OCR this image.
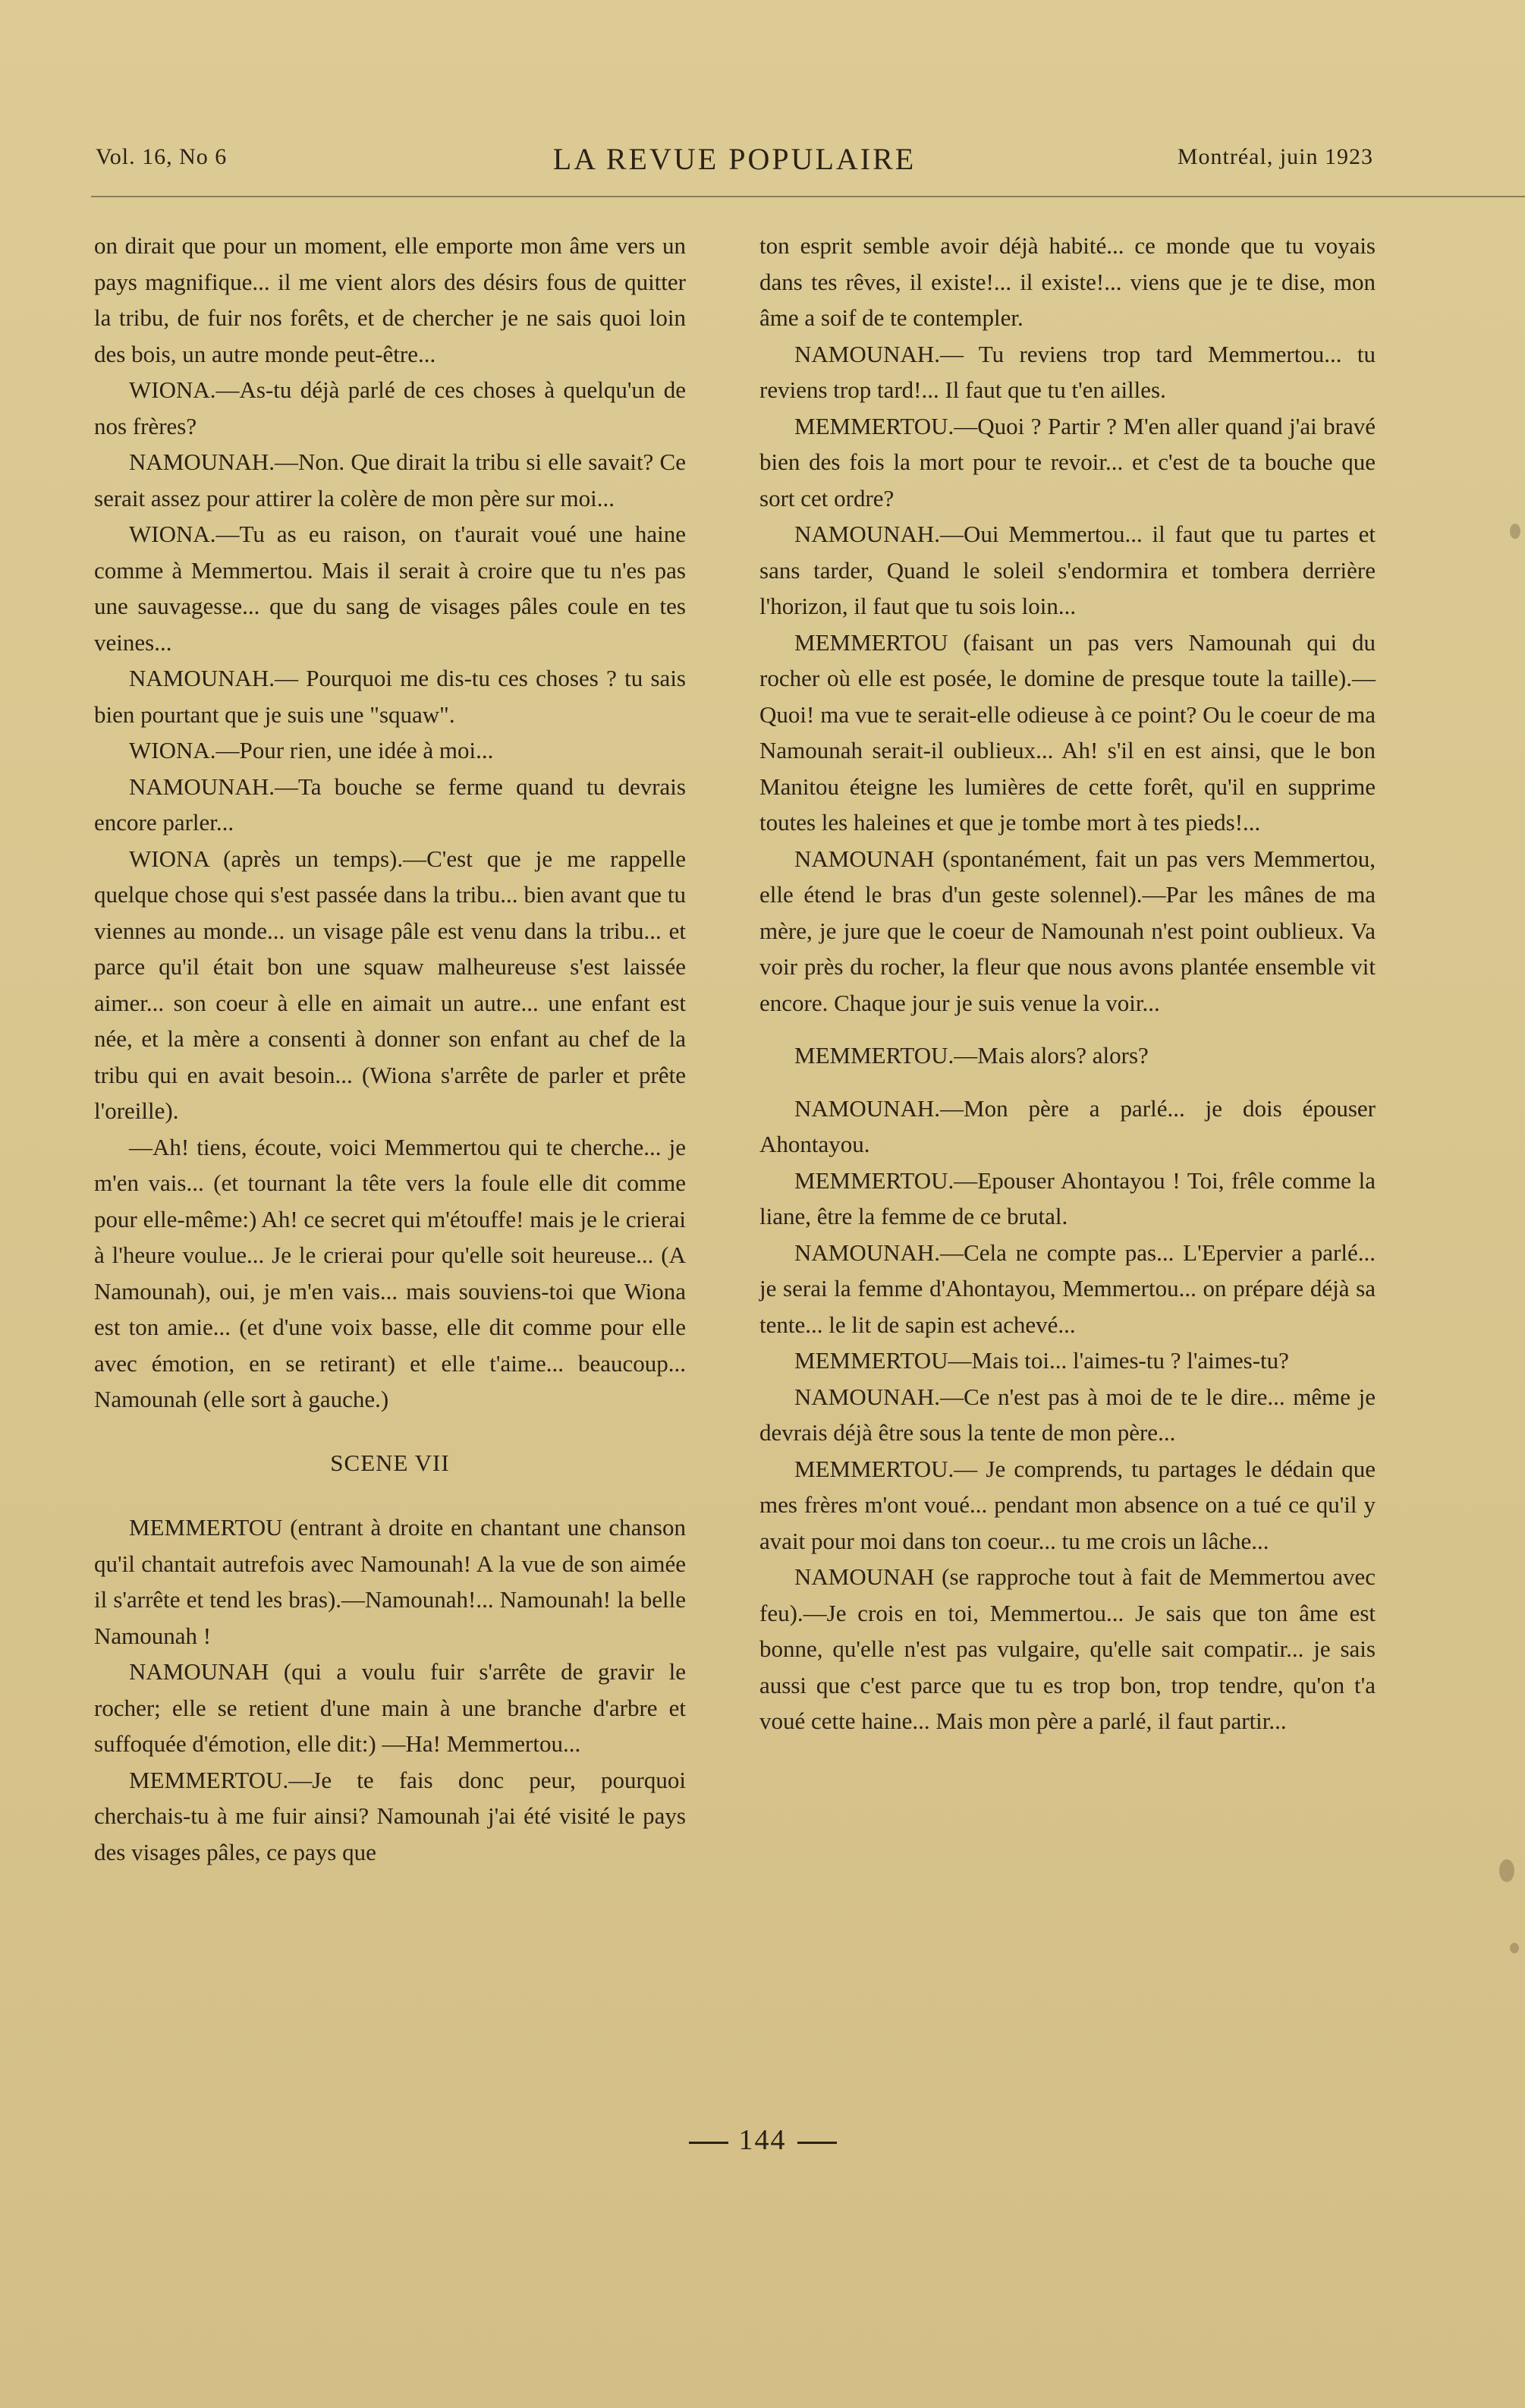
Vol. 16, No 6	LA REVUE POPULAIRE	Montréal, juin 1923

on dirait que pour un moment, elle emporte mon âme vers un pays magnifique... il me vient alors des désirs fous de quitter la tribu, de fuir nos forêts, et de chercher je ne sais quoi loin des bois, un autre monde peut-être...

WIONA.—As-tu déjà parlé de ces choses à quelqu'un de nos frères?

NAMOUNAH.—Non. Que dirait la tribu si elle savait? Ce serait assez pour attirer la colère de mon père sur moi...

WIONA.—Tu as eu raison, on t'aurait voué une haine comme à Memmertou. Mais il serait à croire que tu n'es pas une sauvagesse... que du sang de visages pâles coule en tes veines...

NAMOUNAH.— Pourquoi me dis-tu ces choses ? tu sais bien pourtant que je suis une "squaw".

WIONA.—Pour rien, une idée à moi...

NAMOUNAH.—Ta bouche se ferme quand tu devrais encore parler...

WIONA (après un temps).—C'est que je me rappelle quelque chose qui s'est passée dans la tribu... bien avant que tu viennes au monde... un visage pâle est venu dans la tribu... et parce qu'il était bon une squaw malheureuse s'est laissée aimer... son coeur à elle en aimait un autre... une enfant est née, et la mère a consenti à donner son enfant au chef de la tribu qui en avait besoin... (Wiona s'arrête de parler et prête l'oreille).

—Ah! tiens, écoute, voici Memmertou qui te cherche... je m'en vais... (et tournant la tête vers la foule elle dit comme pour elle-même:) Ah! ce secret qui m'étouffe! mais je le crierai à l'heure voulue... Je le crierai pour qu'elle soit heureuse... (A Namounah), oui, je m'en vais... mais souviens-toi que Wiona est ton amie... (et d'une voix basse, elle dit comme pour elle avec émotion, en se retirant) et elle t'aime... beaucoup... Namounah (elle sort à gauche.)

SCENE VII

MEMMERTOU (entrant à droite en chantant une chanson qu'il chantait autrefois avec Namounah! A la vue de son aimée il s'arrête et tend les bras).—Namounah!... Namounah! la belle Namounah !

NAMOUNAH (qui a voulu fuir s'arrête de gravir le rocher; elle se retient d'une main à une branche d'arbre et suffoquée d'émotion, elle dit:) —Ha! Memmertou...

MEMMERTOU.—Je te fais donc peur, pourquoi cherchais-tu à me fuir ainsi? Namounah j'ai été visité le pays des visages pâles, ce pays que

ton esprit semble avoir déjà habité... ce monde que tu voyais dans tes rêves, il existe!... il existe!... viens que je te dise, mon âme a soif de te contempler.

NAMOUNAH.— Tu reviens trop tard Memmertou... tu reviens trop tard!... Il faut que tu t'en ailles.

MEMMERTOU.—Quoi ? Partir ? M'en aller quand j'ai bravé bien des fois la mort pour te revoir... et c'est de ta bouche que sort cet ordre?

NAMOUNAH.—Oui Memmertou... il faut que tu partes et sans tarder, Quand le soleil s'endormira et tombera derrière l'horizon, il faut que tu sois loin...

MEMMERTOU (faisant un pas vers Namounah qui du rocher où elle est posée, le domine de presque toute la taille).—Quoi! ma vue te serait-elle odieuse à ce point? Ou le coeur de ma Namounah serait-il oublieux... Ah! s'il en est ainsi, que le bon Manitou éteigne les lumières de cette forêt, qu'il en supprime toutes les haleines et que je tombe mort à tes pieds!...

NAMOUNAH (spontanément, fait un pas vers Memmertou, elle étend le bras d'un geste solennel).—Par les mânes de ma mère, je jure que le coeur de Namounah n'est point oublieux. Va voir près du rocher, la fleur que nous avons plantée ensemble vit encore. Chaque jour je suis venue la voir...

MEMMERTOU.—Mais alors? alors?

NAMOUNAH.—Mon père a parlé... je dois épouser Ahontayou.

MEMMERTOU.—Epouser Ahontayou ! Toi, frêle comme la liane, être la femme de ce brutal.

NAMOUNAH.—Cela ne compte pas... L'Epervier a parlé... je serai la femme d'Ahontayou, Memmertou... on prépare déjà sa tente... le lit de sapin est achevé...

MEMMERTOU—Mais toi... l'aimes-tu ? l'aimes-tu?

NAMOUNAH.—Ce n'est pas à moi de te le dire... même je devrais déjà être sous la tente de mon père...

MEMMERTOU.— Je comprends, tu partages le dédain que mes frères m'ont voué... pendant mon absence on a tué ce qu'il y avait pour moi dans ton coeur... tu me crois un lâche...

NAMOUNAH (se rapproche tout à fait de Memmertou avec feu).—Je crois en toi, Memmertou... Je sais que ton âme est bonne, qu'elle n'est pas vulgaire, qu'elle sait compatir... je sais aussi que c'est parce que tu es trop bon, trop tendre, qu'on t'a voué cette haine... Mais mon père a parlé, il faut partir...

144
